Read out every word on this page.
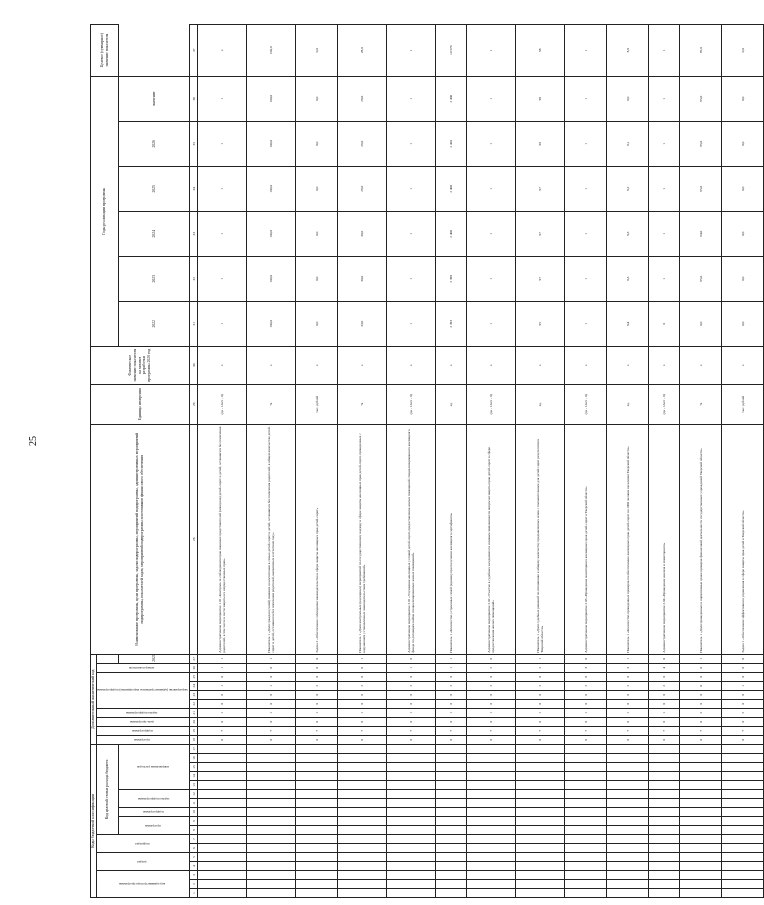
25
Коды бюджетной классификации																	Дополнительный аналитический код										Наименование программы, цели программы, задачи подпрограммы, мероприятий подпрограммы, административных мероприятий подпрограммы, показателей задач, мероприятий подпрограммы и источников финансового обеспечения	Единица измерения	Фактическое значение показателя на момент разработки программы 2020 год	Годы реализации программы						Целевое (суммарное) значение показателя
код администратора программы			раздел		подраздел		Код целевой статьи расхода бюджета										программа	подпрограмма	цель программы	задача подпрограммы	мероприятие (административное мероприятие) подпрограммы				номер показателя											
							программа		подпрограмма	задача подпрограммы		направление расходов														2021				2022	2023	2024	2025	2026	значение	
1	2	3	4	5	6	7	8	9	10	11	12	13	14	15	16	17	18	19	20	21	22	23	24	25	26	27	28	29	30	31	32	33	34	35	36	37
																	0	7	0	1	0	0	1	0	1	1	Административное мероприятие 1.01 «Контроль за соблюдением прав законных представителей (опекунов) детей-сирот и детей, оставшихся без попечения родителей, в том числе в части защиты их имущественных прав»	(да - 1/нет - 0)	х	1	1	1	1	1	1	х
																	0	7	0	1	0	0	1	0	0	1	Показатель 1 «Доля граждан (семей) взявших на воспитание в семью детей-сирот и детей, оставшихся без попечения родителей, в общем количестве детей-сирот и детей, оставшихся без попечения родителей, выявленных в отчетном году»	%	х	100,0	100,0	100,0	100,0	100,0	100,0	100,0
																	0	7	0	1	0	0	2	0	0	0	Задача 2 «Обеспечение соблюдения законодательства в сфере защиты жилищных прав детей-сирот»	тыс. рублей	х	0,0	0,0	0,0	0,0	0,0	0,0	0,0
																	0	7	0	1	0	0	2	0	0	1	Показатель 1 «Доля контрольных (надзорных) мероприятий по государственному надзору в сфере защиты жилищных прав детей-сирот, проведенных с нарушением установленных законодательством требований»	%	х	33,0	30,0	30,0	29,0	29,0	28,0	28,0
																	0	7	0	1	0	0	2	0	1	0	Административное мероприятие 2.01 «Улучшение жилищных условий детей-сирот, предоставление жилых помещений специализированного жилищного фонда по договорам найма специализированных жилых помещений»	(да - 1/нет - 0)	х	1	1	1	1	1	1	1
																	0	7	0	1	0	0	2	0	1	1	Показатель 1 «Количество устроенных семей (единиц) при получении жилищного сертификата»	ед.	х	2 393	2 398	2 400	2 400	2 420	2 400	14 570
																	0	7	0	1	0	0	2	0	2	0	Административное мероприятие 2.02 «Участие в судебных заседаниях по исковым заявлениям по вопросам защиты прав детей-сирот в сфере предоставления жилых помещений»	(да - 1/нет - 0)	х	1	1	1	1	1	1	1
																	0	7	0	1	0	0	2	0	2	1	Показатель 1 «Доля судебных решений по отношению к общему количеству предъявленных исков с положительным для детей-сирот результатом в Тверской области»	ед.	х	95	97	97	97	98	98	98
																	0	7	0	1	0	0	2	0	3	0	Административное мероприятие 2.03 «Проведение мониторинга жилищных прав детей-сирот в Тверской области»	(да - 1/нет - 0)	х	1	1	1	1	1	1	1
																	0	7	0	1	0	0	2	0	3	1	Показатель 1 «Количество проведенных проверок по обеспечению жилищных прав детей-сирот на 1000 человек населения Тверской области»	ед.	х	8,4	8,3	8,3	8,2	8,1	8,0	8,0
																	0	7	0	1	0	0	2	0	4	0	Административное мероприятие 2.04 «Проведение анализа и мониторинга»	(да - 1/нет - 0)	х	0	1	1	1	1	1	1
																	0	7	0	2	0	0	0	0	0	1	Показатель 1 «Доля проведенных в нормативные сроки проверок финансовой деятельности государственных учреждений Тверской области»	%	х	0,0	95,0	94,0	95,0	95,0	95,0	95,0
																	0	7	0	2	0	0	1	0	0	0	Задача 1 «Обеспечение эффективного управления в сфере защиты прав детей в Тверской области»	тыс. рублей	х	0,0	0,0	0,0	0,0	0,0	0,0	0,0
